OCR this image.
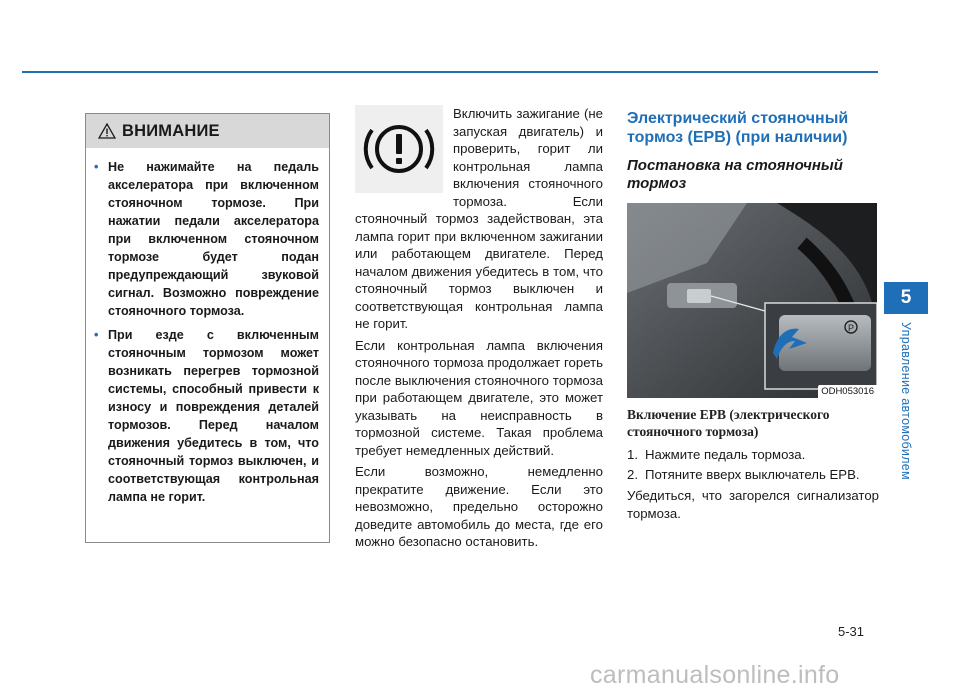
ВНИМАНИЕ
• Не нажимайте на педаль акселератора при включенном стояночном тормозе. При нажатии педали акселератора при включенном стояночном тормозе будет подан предупреждающий звуковой сигнал. Возможно повреждение стояночного тормоза.
• При езде с включенным стояночным тормозом может возникать перегрев тормозной системы, способный привести к износу и повреждения деталей тормозов. Перед началом движения убедитесь в том, что стояночный тормоз выключен, и соответствующая контрольная лампа не горит.

Включить зажигание (не запуская двигатель) и проверить, горит ли контрольная лампа включения стояночного тормоза. Если стояночный тормоз задействован, эта лампа горит при включенном зажигании или работающем двигателе. Перед началом движения убедитесь в том, что стояночный тормоз выключен и соответствующая контрольная лампа не горит.

Если контрольная лампа включения стояночного тормоза продолжает гореть после выключения стояночного тормоза при работающем двигателе, это может указывать на неисправность в тормозной системе. Такая проблема требует немедленных действий.

Если возможно, немедленно прекратите движение. Если это невозможно, предельно осторожно доведите автомобиль до места, где его можно безопасно остановить.

Электрический стояночный тормоз (EPB) (при наличии)
Постановка на стояночный тормоз
P
ODH053016
Включение EPB (электрического стояночного тормоза)
1. Нажмите педаль тормоза.
2. Потяните вверх выключатель EPB.
Убедиться, что загорелся сигнализатор тормоза.
5
Управление автомобилем
5-31
carmanualsonline.info
